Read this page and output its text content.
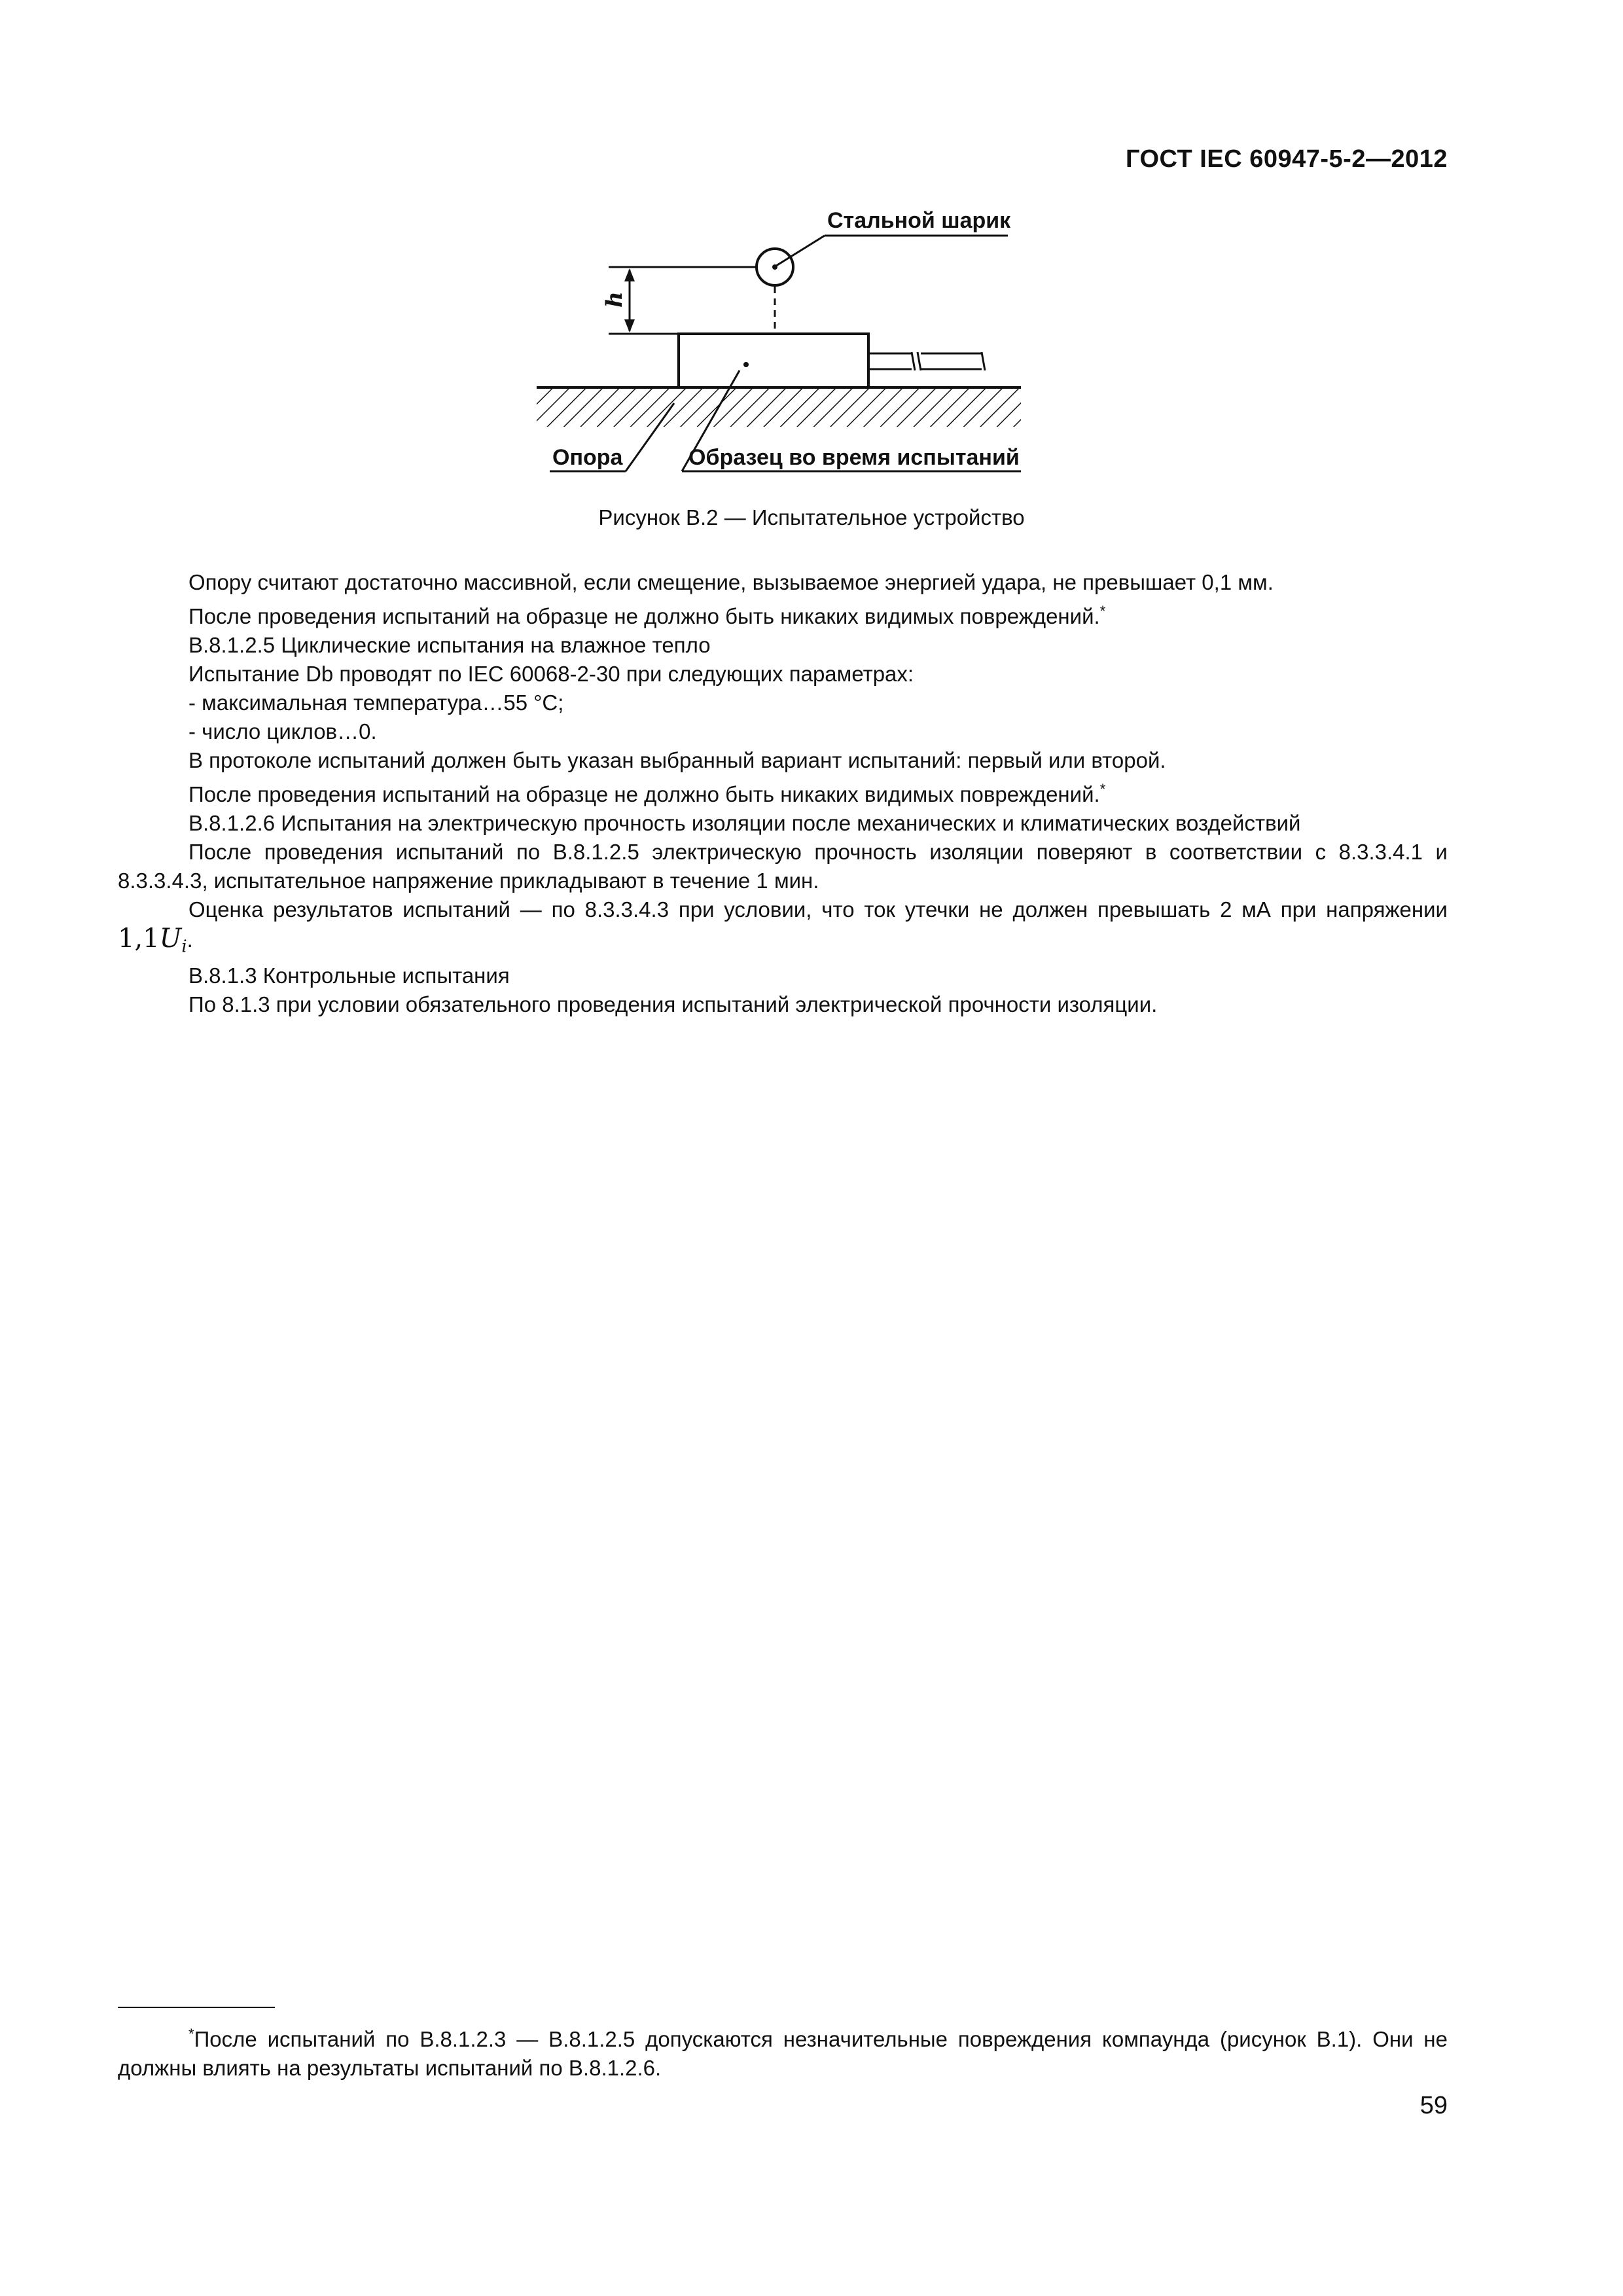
ГОСТ IEC 60947-5-2—2012
Стальной шарик
h
Опора	Образец во время испытаний
Рисунок В.2 — Испытательное устройство

Опору считают достаточно массивной, если смещение, вызываемое энергией удара, не превышает 0,1 мм.

После проведения испытаний на образце не должно быть никаких видимых повреждений.*

В.8.1.2.5 Циклические испытания на влажное тепло

Испытание Db проводят по IEC 60068-2-30 при следующих параметрах:

- максимальная температура…55 °С;

- число циклов…0.

В протоколе испытаний должен быть указан выбранный вариант испытаний: первый или второй.

После проведения испытаний на образце не должно быть никаких видимых повреждений.*

В.8.1.2.6 Испытания на электрическую прочность изоляции после механических и климатических воздействий

После проведения испытаний по В.8.1.2.5 электрическую прочность изоляции поверяют в соответствии с 8.3.3.4.1 и 8.3.3.4.3, испытательное напряжение прикладывают в течение 1 мин.

Оценка результатов испытаний — по 8.3.3.4.3 при условии, что ток утечки не должен превышать 2 мА при напряжении $1,1U_i$.

В.8.1.3 Контрольные испытания

По 8.1.3 при условии обязательного проведения испытаний электрической прочности изоляции.

*После испытаний по В.8.1.2.3 — В.8.1.2.5 допускаются незначительные повреждения компаунда (рисунок В.1). Они не должны влиять на результаты испытаний по В.8.1.2.6.
59
